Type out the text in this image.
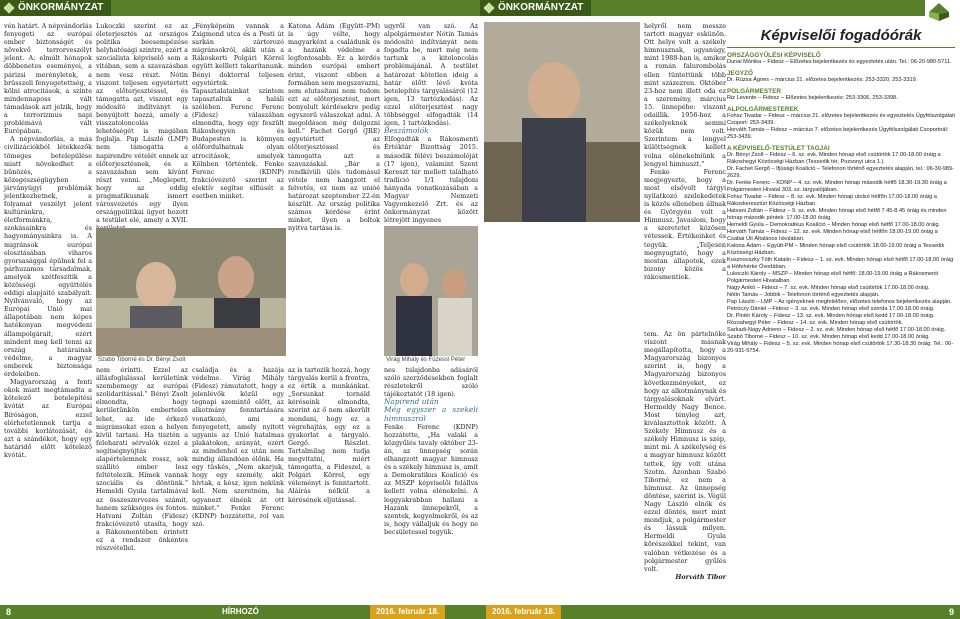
ÖNKORMÁNYZAT

vén határt. A népvándorlás fenyegeti az európai ember biztonságét és növekvő terrorveszélyt jelent. A: elmúlt hónapok döbbenetes eseményei, a párizsi merényletek, a brüsszeli fenyegetettség, a kölni atrocitások, a szinte mindennaposs vált támadások azt jelzik, hogy a terrorizmus napi problémává vált Európában.

A népvándorlás, a más civilizációkból létekkezők tömeges betelepülése miatt növekedhet a bűnözés, a közegészségügyben járványügyi problémák jelentkezhetnek, a folyamat veszélyt jelent kultúránkra, életformánkra, szokásainkra és hagyományainkra is. A migránsok európai elosztásában viharos gyorsasággal épülnek fel a párhuzamos társadalmak, amelyek szétfeszítik a közösségi együttélés eddigi alapjaitó szabályait. Nyilvánvaló, hogy az Európai Unió mai állapotában nem képes hatékonyan megvédeni állampolgárait, ezért mindent meg kell tenni az ország határainak védelme, a magyar emberek biztonsága érdekében.

Magyarország a fenti okok miatt megtámadta a kötelező betelepítési kvótát az Európai Bíróságon, ezzel elérhetetlennek tartja a további korlátozását, és azt a szándékot, hogy egy határidő előtt kötelező kvótát.

Lukoczki szerint ez az életerjesztés az országos politika beesempézése helyhatósági szintre, ezért a szocialista képviselő sem a vitában, sem a szavazásban nem vesz részt. Nótin viszont teljesen egyetértett az előterjesztéssel, és támogatta azt, viszont egy módosító indítványt is benyújtott hozzá, amely a visszatoloncolás lehetőségét is magában foglalja. Pap László (LMP) nem támogatta a napirendre vételét ennek az előterjesztésnek, és a szavazásban sem kívánt részt venni. „Meglepett, hogy az eddig pragmatikusnak ismert városvezetés egy ilyen országpolitikai ügyet hozott a testület elé, amely a XVII.

„Fényképeim vannak a Zsigmond utca és a Pesti út sarkán zártorozó migránsokról, akik után a Rákoskerti Polgári Körrel együtt kelllett takarítanunk. Bényi doktorral teljesen egyetértek. Tapasztalatainkat szintem tapasztaltuk a haláli szélében. Ferenc Ferenc (Fidesz) válaszában elmondta, hogy egy feszült Rákoshegyen és Budapesten is könnyen előfordulhatnak olyan atrocitások, amelyek Kölnben történtek. Fenke Ferenc (KDNP) frakcióvezető szerint az elektív segítse elfiúsét a esetben minket.

Katona Ádám (Együtt–PM) is úgy vélte, hogy magyarként a családunk és a hazánk védelme a legfontosabb. Ez a kérdés minden európai embert érint, viszont ebben a formában sem megszavazni, sem elutasítani nem tudom ezt az előterjesztést, mert bonyolult kérdésekre pedig egyszerű válaszokat adni. A megoldáson még dolgozni kell.” Fachet Gergő (JRE) egyetértett az előterjesztéssel és támogatta azt a szavazáskal. „Bár a rendkívüli ülés tudomásul vétele nem hangzott el felvetés, ez nem az unióé határozat szeptember 22-én készült. Az ország politika számos kérdése érint minket, ilyen a boltok nyitva tartása is.

Szabó Tiborné és Dr. Bényi Zsolt

nem éríntti. Ezzel az állásfoglalással kerületünk szembemegy az európai szolidaritással.” Bényi Zsolt elmondta, hogy kerületünkön embertelen lehet, az ide érkező migránsokat ezen a helyen kívül tartani. Ha tisztén a feleharati sérvalók ezzel a segítségnyújtás alapértelemnek rossz, sok szállító ember lesz feltételezik. Hímek vannak szociális és döntünk.” Hemeldi Gyula tartalmával az összeszervezés számít, hanem szükséges és fontos. Hatvani Zoltán (Fidesz) frakcióvezető utasíta, hogy a Rákosmentében érintett ez a rendszer önkéntes részvétellel.

családja és a hazája védelme. Virág Mihály (Fidesz) rámutatott, hogy a jelenlévők közül egy tegnapi szemintő előtt, az alkotmány fenntartására vonatkozó, ami a fenyegetett, amely nyitott ugyanis az Unió hatalmas plakátokon, arányát, ezért az mindenhol ez után nem mindig állandóan élőnk. Ha egy tüskés, „Nem akarjuk, hogy egy személy, akit hívtak, a kész, igen nekünk kell. Nem szeretném, ha ugyanezt élnénk át ott minket.” Fenke Ferenc (KDNP) hozzátette, rol van szó.

az is tartozik hozzá, hogy tárgyalás kerül a frontra, ez értik a munkánkat. „Sorsunkat tornáld kéréseink elmondta, szerint az ő nem sikerült mondani, hogy ez a végrehajtás, egy ez a gyakorlat a tárgyaló. Gergő. Részlet. Tartalmilag nem tudja megvitatni, miért támogatta, a Fideszel, a Polgári Körrel, egy véleményt is fenntartott. Aláírás nélkül a kérésének eljutással.

Virág Mihály és Füzessi Péter

ugyről van szó. Az alpolgármester Nótin Tamás módosító indítványát nem fogadta be, mert még nem tartunk a kitoloncolás problémájánál. A testület határozat kötetlen ideig a határ előtt lévő kvóta betelepítés tárgyalásáról (12 igen, 13 tartózkodás). Az ezzel előterjesztést nagy többséggel elfogadták (14 igen, 1 tartózkodás).

Beszámolók

Elfogadták a Rákosmenti Értéktár Bizottság 2015. második félévi beszámolóját (17 igen), valamint Szent Kereszt tér mellett található tradíció 1/1 tulajdoni hányada vonatkozásában a Magyar Nemzeti Vagyonkezelő Zrt. és az önkormányzat között létrejött ingyenes

nes tulajdonba adásáról szóló szerződésekben foglalt részletekről szóló tájékoztatót (18 igen).

Napirend után

Még egyszer a szekeli himnuszról

Fenke Ferenc (KDNP) hozzátette, „Ha valaki a közgyűlés tavaly október 23-án, az ünnepség során elhangzott magyar himnusz és a székely himnusz is, amit a Demokratikus Koalíció és az MSZP képviselői felállva kellett volna elénekelni. A leggyakrabban hallani a Hazánk ünnepekről, a szentek, kegyelmekről, és az is, hogy vállaljuk és hogy ne becsületessel tegyük.

8	HÍRHOZÓ	2016. február 18.
ÖNKORMÁNYZAT

helyről nem messze tartott magyar eskünőn. Ott helye volt a székely himnusznak, ugyanúgy, mint 1988-ban is, amikor a román falurombolás ellen tüntettünk több mint százezren. Október 23-hoz nem illett oda ez a szeremény, március 15. ünnepéhe: viszont odaillik. 1956-hoz a székelyeknek semmi közük nem volt. Szerintem a lengyel külöttségnek kellett volna elénekelniünk a lengyel himnuszt.”

Fenke Ferenc megjegyezte, hogy a most elsővolt tárgyi nyilatkozó szelekedetek is közös ellenében állnak és Györgyén volt a Himnusz. Javaslom, hogy a szeretetet közösen vétessek. Értékeinket és tegyük. „Teljesen megnyugtató, hogy a mostan állapotok, ezek bizony közös a rákosmentiek.

tem. Az ön pártelnöke viszont másnak megállapította, hogy a Magyarország bizonyos szerint is, hogy a Magyarország bizonyos következményeket, ez hogy az alkotmánynak és tárgyalásoknak elvárt. Hermeldy Nagy Bence. Most tényleg azt, kiválasztottok között. A Székely Himnusz és a székely Himnusz is szép, mint mi. A székelység és a magyar himnusz között tettek, így volt utána Szotm. Azonban Szabó Tiborné, ez nem a himnusz. Az ünnepség döntése, szerint is. Végül Nagy László elnök és ezzel döntés, mert mint mondjuk, a polgármester és lássuk milyen. Hermeldi Gyula kőrészekkel tekint, van valóban vétkezése és a polgármester gyűlés volt.

Horváth Tibor

Képviselői fogadóórák
ORSZÁGGYŰLÉSI KÉPVISELŐ
Dunai Mónika – Fidesz – Előzetes bejelentkezés és egyeztetés után. Tel.: 06-20-980-5711.
JEGYZŐ
Dr. Rúzsa Ágnes – március 21. előzetes bejelentkezés: 253-3320, 253-3319.
POLGÁRMESTER
Riz Levente – Fidesz – Előzetes bejelentkezés: 253-3306, 253-3398.
ALPOLGÁRMESTEREK
Fohsz Tivadar – Fidesz – március 21. előzetes bejelentkezés és egyeztetés Ügyfélszolgálati Csoport: 253-3439.
Horváth Tamás – Fidesz – március 7. előzetes bejelentkezés Ügyfélszolgálati Csoportnál: 253-3439.
A KÉPVISELŐ-TESTÜLET TAGJAI
Dr. Bényi Zsolt – Fidesz – 6. sz. evk. Minden hónap első csütörtök 17.00-18.00 óráig a Rákoshegyi Közösségi Házban (Tessedik tér, Pozsonyi utca 1.).
Dr. Fachet Gergő – Ifjúsági Koalíció – Telefonon történő egyeztetés alapján, tel.: 06-30-989-2629.
Dr. Fenke Ferenc – KDNP – 4. sz. evk. Minden hónap második hétfő 18.30-19.30 óráig a Polgármesteri Hivatal 303. sz. tárgyalójában.
Fohsz Tivadar – Fidesz – 8. sz. evk. Minden hónap utolsó hétfőn 17.00-18.00 óráig a Rákoskeresztúri Közösségi Házban.
Hatvani Zoltán – Fidesz – 9. sz. evk. Minden hónap első hétfő 7.45-8.45 óráig és minden hónap második péntek: 17.00-18.00 óráig.
Hemeldi Gyula – Demokratikus Koalíció – Minden hónap első hétfő 17.00-18.00 óráig.
Horváth Tamás – Fidesz – 12. sz. evk. Minden hónap első hétfőn 18.00-19.00 óráig a Csabai Úti Általános Iskolában.
Katona Ádám – Együtt-PM – Minden hónap első csütörtök 18.00-19.00 óráig a Tessedik Közösségi Házban.
Kosznovszky Tóth Katalin – Fidesz – 1. sz. evk. Minden hónap első hétfő 17.00-18.00 óráig a Hófehérke Óvodában.
Lukoczki Károly – MSZP – Minden hónap első hétfő: 18.00-19.00 óráig a Rákosmenti Polgármesteri Hivatalban.
Nagy Anikó – Fidesz – 7. sz. evk. Minden hónap első csütörtök 17.00-18.00 óráig.
Nótin Tamás – Jobbik – Telefonon történő egyeztetés alapján.
Pap László – LMP – Az igényeknek megfelelően, előzetes telefonos bejelentkezés alapján.
Petróczy Dániel – Fidesz – 3. sz. evk. Minden hónap első szerda 17.00-18.00 óráig.
Dr. Pintér Károly – Fidesz – 13. sz. evk. Minden hónap első kedd 17.00-18.00 óráig.
Rózsahegyi Péter – Fidesz – 14. sz. evk. Minden hónap első csütörtök.
Sarkadi-Nagy Adrienn – Fidesz – 2. sz. evk. Minden hónap első hétfő 17.00-18.00 óráig.
Szabó Tiborné – Fidesz – 10. sz. evk. Minden hónap első kedd 17.00-18.00 óráig.
Virág Mihály – Fidesz – 5. sz. evk. Minden hónap első csütörtök 17.30-18.30 óráig. Tel.: 06-20-931-5754.
2016. február 18.	9
